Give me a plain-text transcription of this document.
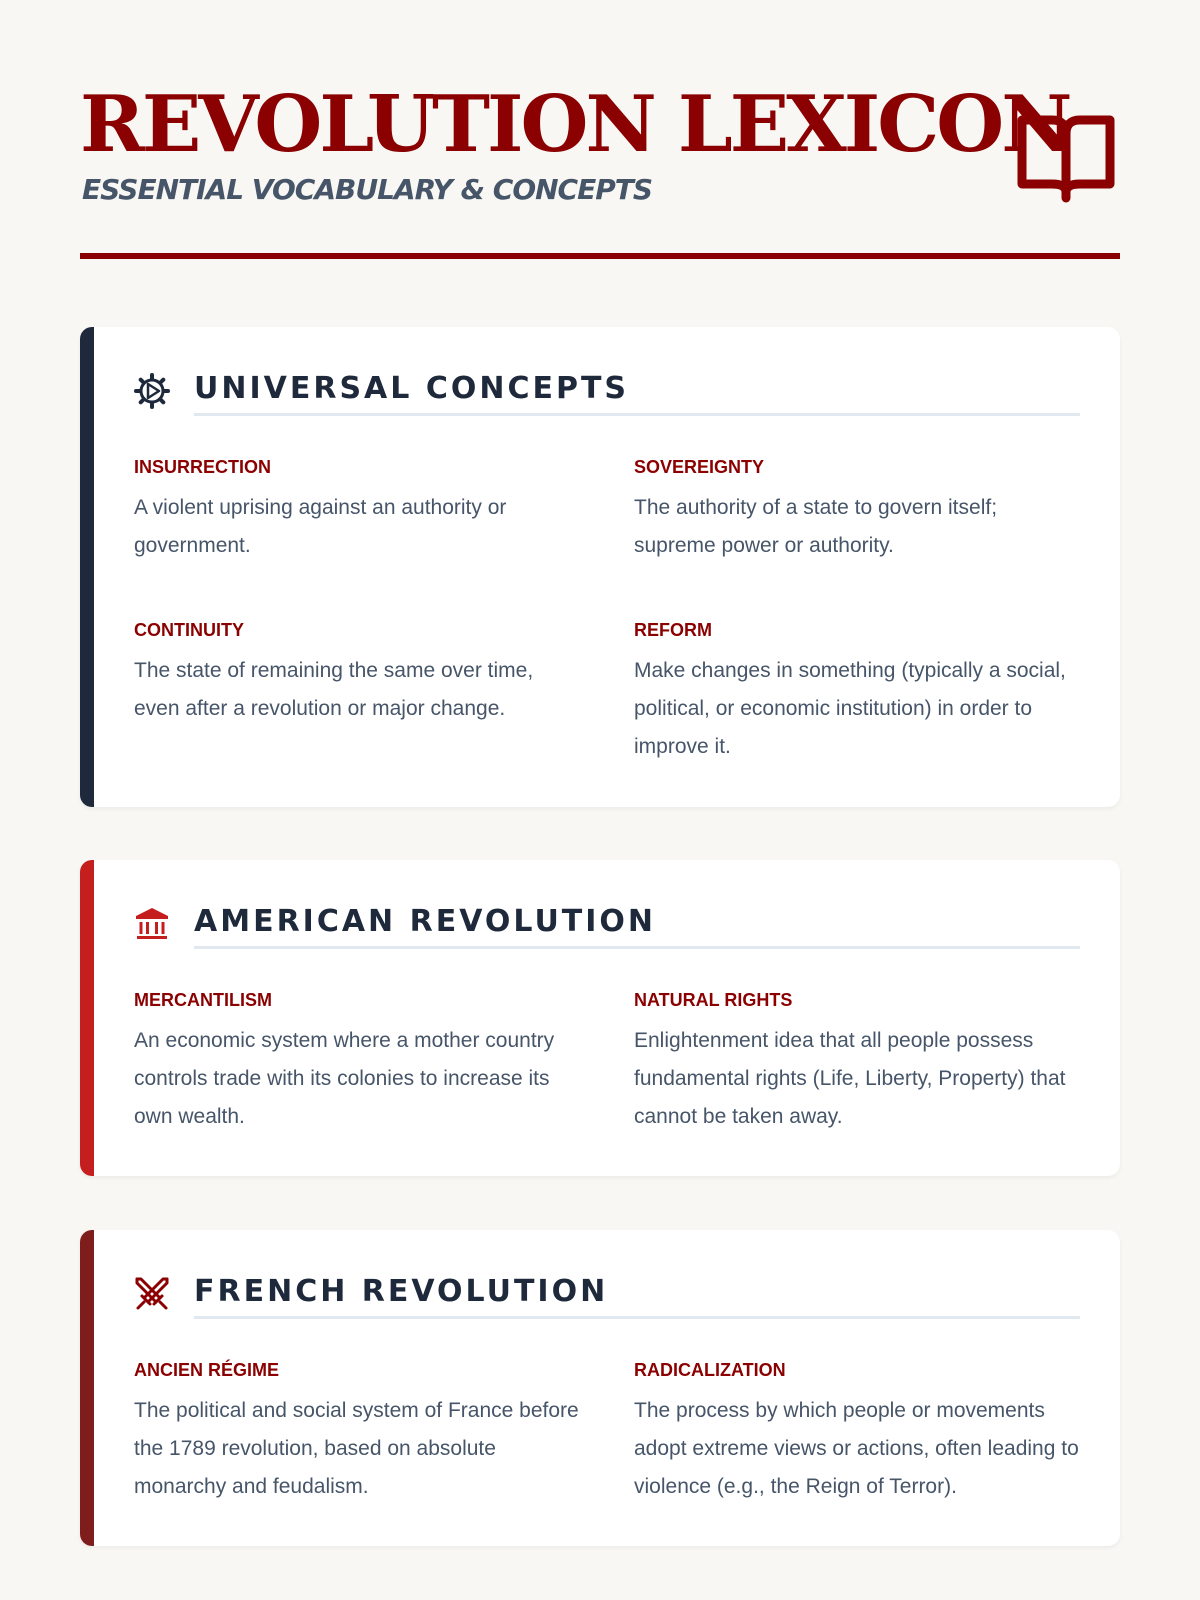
REVOLUTION LEXICON
ESSENTIAL VOCABULARY & CONCEPTS
UNIVERSAL CONCEPTS
INSURRECTION
A violent uprising against an authority or government.
SOVEREIGNTY
The authority of a state to govern itself; supreme power or authority.
CONTINUITY
The state of remaining the same over time, even after a revolution or major change.
REFORM
Make changes in something (typically a social, political, or economic institution) in order to improve it.
AMERICAN REVOLUTION
MERCANTILISM
An economic system where a mother country controls trade with its colonies to increase its own wealth.
NATURAL RIGHTS
Enlightenment idea that all people possess fundamental rights (Life, Liberty, Property) that cannot be taken away.
FRENCH REVOLUTION
ANCIEN RÉGIME
The political and social system of France before the 1789 revolution, based on absolute monarchy and feudalism.
RADICALIZATION
The process by which people or movements adopt extreme views or actions, often leading to violence (e.g., the Reign of Terror).
